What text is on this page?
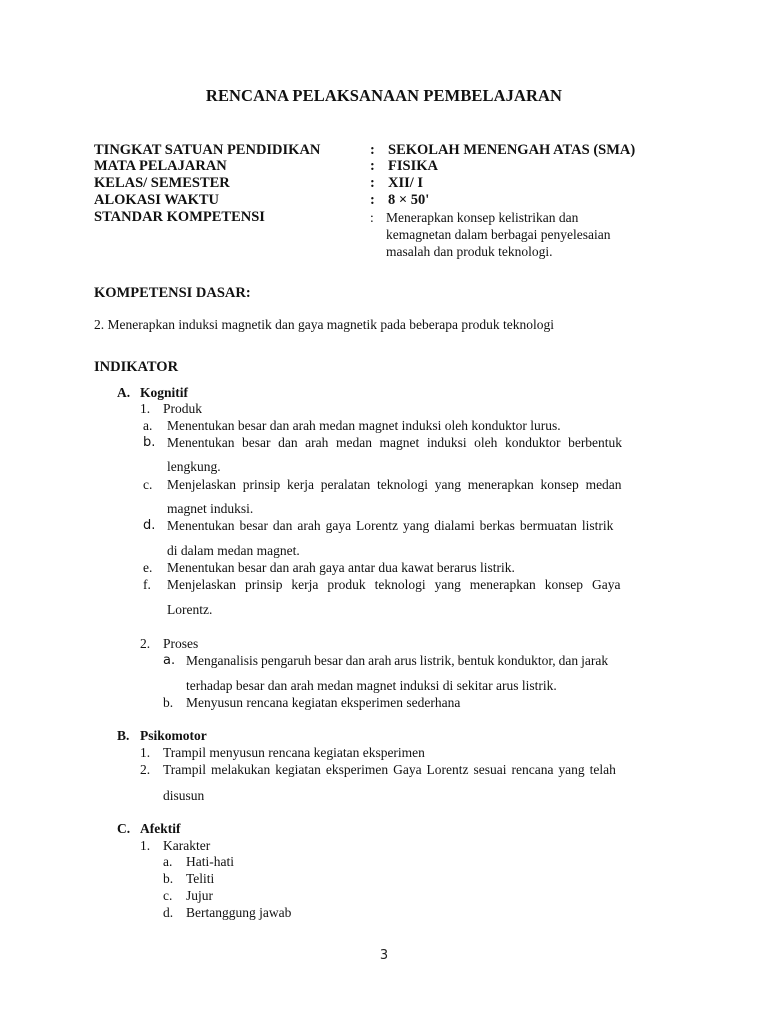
RENCANA PELAKSANAAN PEMBELAJARAN
TINGKAT SATUAN PENDIDIKAN	: SEKOLAH MENENGAH ATAS (SMA)
MATA PELAJARAN	: FISIKA
KELAS/ SEMESTER	: XII/ I
ALOKASI WAKTU	: 8 × 50'
STANDAR KOMPETENSI	: Menerapkan konsep kelistrikan dan
kemagnetan dalam berbagai penyelesaian
masalah dan produk teknologi.
KOMPETENSI DASAR:
2. Menerapkan induksi magnetik dan gaya magnetik pada beberapa produk teknologi
INDIKATOR
A. Kognitif
1. Produk
a. Menentukan besar dan arah medan magnet induksi oleh konduktor lurus.
b. Menentukan besar dan arah medan magnet induksi oleh konduktor berbentuk
lengkung.
c. Menjelaskan prinsip kerja peralatan teknologi yang menerapkan konsep medan
magnet induksi.
d. Menentukan besar dan arah gaya Lorentz yang dialami berkas bermuatan listrik
di dalam medan magnet.
e. Menentukan besar dan arah gaya antar dua kawat berarus listrik.
f. Menjelaskan prinsip kerja produk teknologi yang menerapkan konsep Gaya
Lorentz.
2. Proses
a. Menganalisis pengaruh besar dan arah arus listrik, bentuk konduktor, dan jarak
terhadap besar dan arah medan magnet induksi di sekitar arus listrik.
b. Menyusun rencana kegiatan eksperimen sederhana
B. Psikomotor
1. Trampil menyusun rencana kegiatan eksperimen
2. Trampil melakukan kegiatan eksperimen Gaya Lorentz sesuai rencana yang telah
disusun
C. Afektif
1. Karakter
a. Hati-hati
b. Teliti
c. Jujur
d. Bertanggung jawab
3
